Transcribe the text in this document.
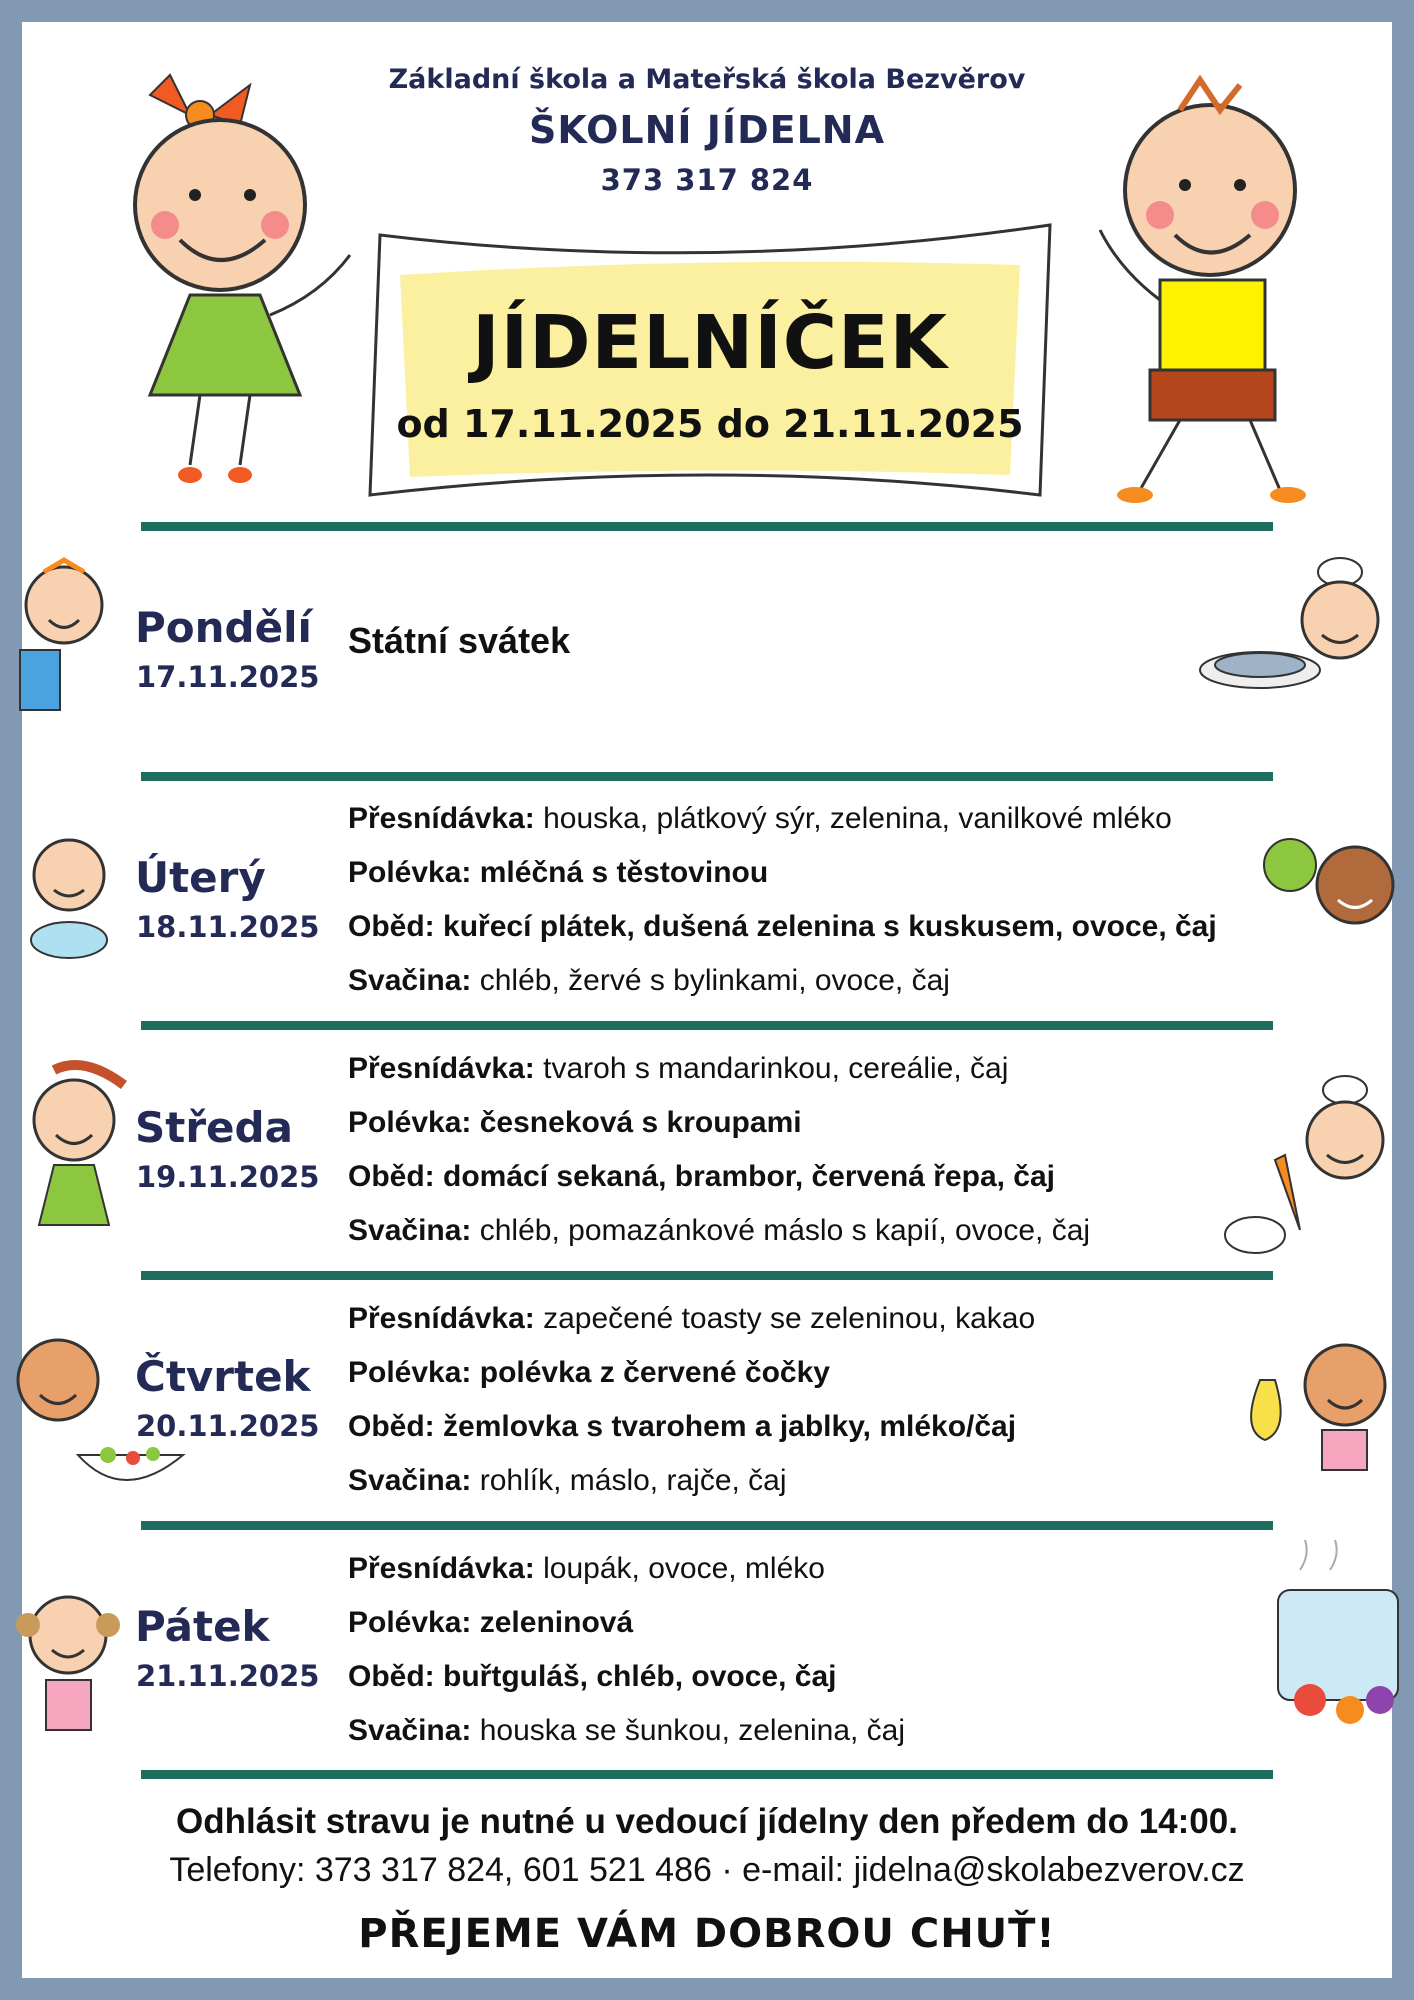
Základní škola a Mateřská škola Bezvěrov
ŠKOLNÍ JÍDELNA
373 317 824
JÍDELNÍČEK
od 17.11.2025 do 21.11.2025
Pondělí
17.11.2025
Státní svátek
Úterý
18.11.2025
Přesnídávka: houska, plátkový sýr, zelenina, vanilkové mléko
Polévka: mléčná s těstovinou
Oběd: kuřecí plátek, dušená zelenina s kuskusem, ovoce, čaj
Svačina: chléb, žervé s bylinkami, ovoce, čaj
Středa
19.11.2025
Přesnídávka: tvaroh s mandarinkou, cereálie, čaj
Polévka: česneková s kroupami
Oběd: domácí sekaná, brambor, červená řepa, čaj
Svačina: chléb, pomazánkové máslo s kapií, ovoce, čaj
Čtvrtek
20.11.2025
Přesnídávka: zapečené toasty se zeleninou, kakao
Polévka: polévka z červené čočky
Oběd: žemlovka s tvarohem a jablky, mléko/čaj
Svačina: rohlík, máslo, rajče, čaj
Pátek
21.11.2025
Přesnídávka: loupák, ovoce, mléko
Polévka: zeleninová
Oběd: buřtguláš, chléb, ovoce, čaj
Svačina: houska se šunkou, zelenina, čaj
Odhlásit stravu je nutné u vedoucí jídelny den předem do 14:00.
Telefony: 373 317 824, 601 521 486 · e-mail: jidelna@skolabezverov.cz
PŘEJEME VÁM DOBROU CHUŤ!
